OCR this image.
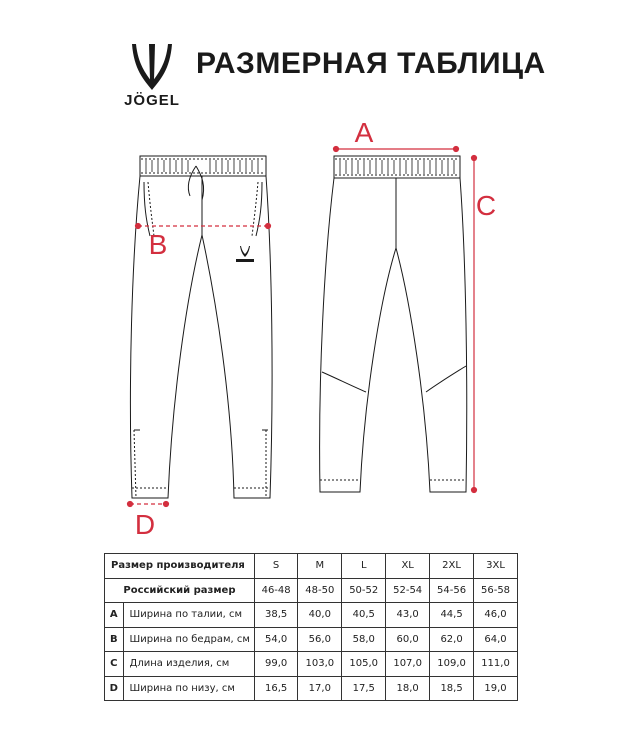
JÖGEL
РАЗМЕРНАЯ ТАБЛИЦА
A
B
C
D
Размер производителя		S	M	L	XL	2XL	3XL
Российский размер		46-48	48-50	50-52	52-54	54-56	56-58
A	Ширина по талии, см	38,5	40,0	40,5	43,0	44,5	46,0
B	Ширина по бедрам, см	54,0	56,0	58,0	60,0	62,0	64,0
C	Длина изделия, см	99,0	103,0	105,0	107,0	109,0	111,0
D	Ширина по низу, см	16,5	17,0	17,5	18,0	18,5	19,0
